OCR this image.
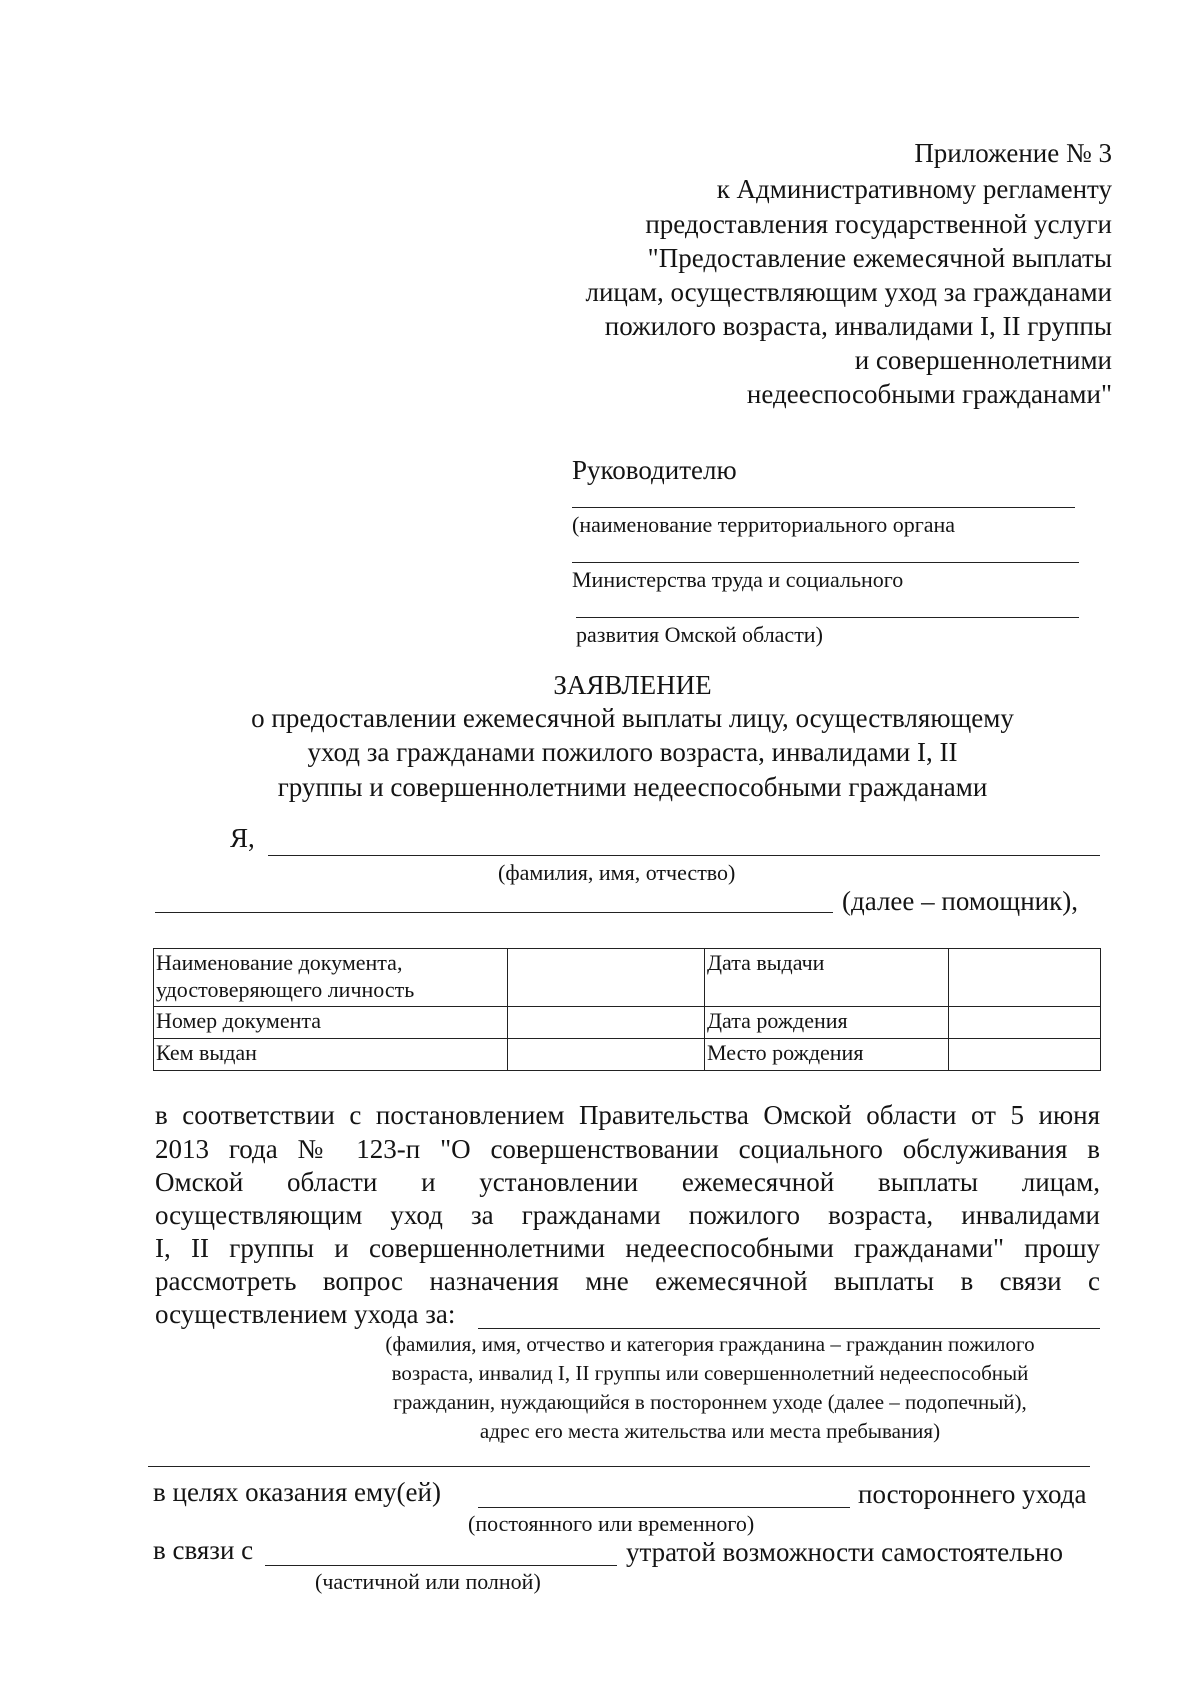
Приложение № 3
к Административному регламенту
предоставления государственной услуги
"Предоставление ежемесячной выплаты
лицам, осуществляющим уход за гражданами
пожилого возраста, инвалидами I, II группы
и совершеннолетними
недееспособными гражданами"
Руководителю
(наименование территориального органа
Министерства труда и социального
развития Омской области)
ЗАЯВЛЕНИЕ
о предоставлении ежемесячной выплаты лицу, осуществляющему
уход за гражданами пожилого возраста, инвалидами I, II
группы и совершеннолетними недееспособными гражданами
Я,
(фамилия, имя, отчество)
(далее – помощник),
Наименование документа, удостоверяющего личность		Дата выдачи	
Номер документа		Дата рождения	
Кем выдан		Место рождения	
в соответствии с постановлением Правительства Омской области от 5 июня
2013 года № 123-п "О совершенствовании социального обслуживания в
Омской области и установлении ежемесячной выплаты лицам,
осуществляющим уход за гражданами пожилого возраста, инвалидами
I, II группы и совершеннолетними недееспособными гражданами" прошу
рассмотреть вопрос назначения мне ежемесячной выплаты в связи с
осуществлением ухода за:
(фамилия, имя, отчество и категория гражданина – гражданин пожилого
возраста, инвалид I, II группы или совершеннолетний недееспособный
гражданин, нуждающийся в постороннем уходе (далее – подопечный),
адрес его места жительства или места пребывания)
в целях оказания ему(ей)	постороннего ухода
(постоянного или временного)
в связи с	утратой возможности самостоятельно
(частичной или полной)
